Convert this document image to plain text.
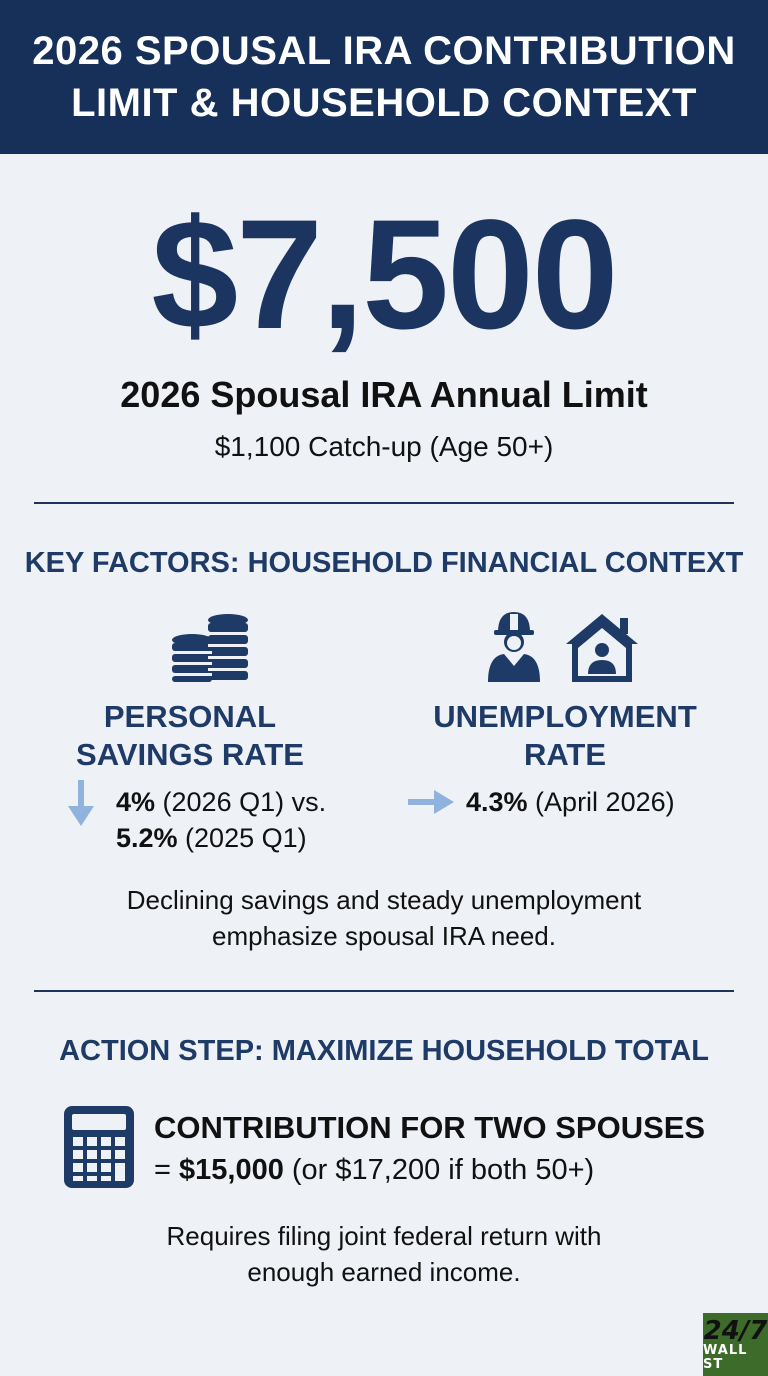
2026 SPOUSAL IRA CONTRIBUTION
LIMIT & HOUSEHOLD CONTEXT
$7,500
2026 Spousal IRA Annual Limit
$1,100 Catch-up (Age 50+)
KEY FACTORS: HOUSEHOLD FINANCIAL CONTEXT
PERSONAL
SAVINGS RATE
UNEMPLOYMENT
RATE
4% (2026 Q1) vs.
5.2% (2025 Q1)
4.3% (April 2026)
Declining savings and steady unemployment
emphasize spousal IRA need.
ACTION STEP: MAXIMIZE HOUSEHOLD TOTAL
CONTRIBUTION FOR TWO SPOUSES
= $15,000 (or $17,200 if both 50+)
Requires filing joint federal return with
enough earned income.
24/7
WALL ST
